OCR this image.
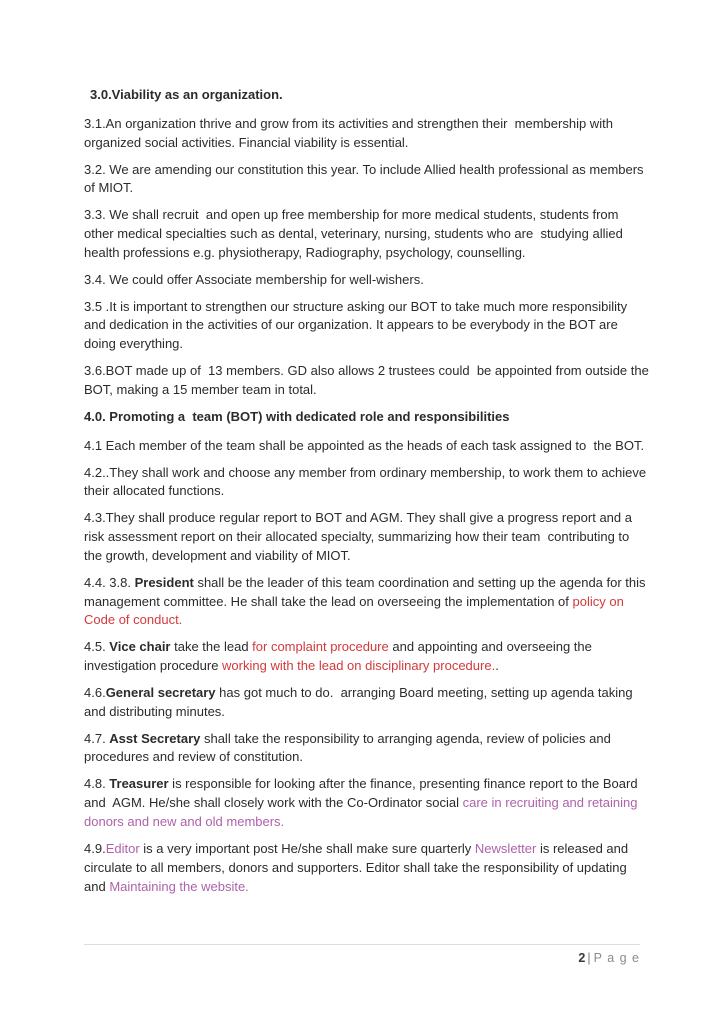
3.0.Viability as an organization.

3.1.An organization thrive and grow from its activities and strengthen their  membership with organized social activities. Financial viability is essential.

3.2. We are amending our constitution this year. To include Allied health professional as members of MIOT.

3.3. We shall recruit  and open up free membership for more medical students, students from other medical specialties such as dental, veterinary, nursing, students who are  studying allied health professions e.g. physiotherapy, Radiography, psychology, counselling.

3.4. We could offer Associate membership for well-wishers.

3.5 .It is important to strengthen our structure asking our BOT to take much more responsibility and dedication in the activities of our organization. It appears to be everybody in the BOT are doing everything.

3.6.BOT made up of  13 members. GD also allows 2 trustees could  be appointed from outside the  BOT, making a 15 member team in total.

4.0. Promoting a  team (BOT) with dedicated role and responsibilities

4.1 Each member of the team shall be appointed as the heads of each task assigned to  the BOT.

4.2..They shall work and choose any member from ordinary membership, to work them to achieve their allocated functions.

4.3.They shall produce regular report to BOT and AGM. They shall give a progress report and a risk assessment report on their allocated specialty, summarizing how their team  contributing to the growth, development and viability of MIOT.

4.4. 3.8. President shall be the leader of this team coordination and setting up the agenda for this management committee. He shall take the lead on overseeing the implementation of policy on Code of conduct.

4.5. Vice chair take the lead for complaint procedure and appointing and overseeing the investigation procedure working with the lead on disciplinary procedure..

4.6.General secretary has got much to do.  arranging Board meeting, setting up agenda taking and distributing minutes.

4.7. Asst Secretary shall take the responsibility to arranging agenda, review of policies and procedures and review of constitution.

4.8. Treasurer is responsible for looking after the finance, presenting finance report to the Board and  AGM. He/she shall closely work with the Co-Ordinator social care in recruiting and retaining donors and new and old members.

4.9.Editor is a very important post He/she shall make sure quarterly Newsletter is released and circulate to all members, donors and supporters. Editor shall take the responsibility of updating and Maintaining the website.

2 | P a g e
